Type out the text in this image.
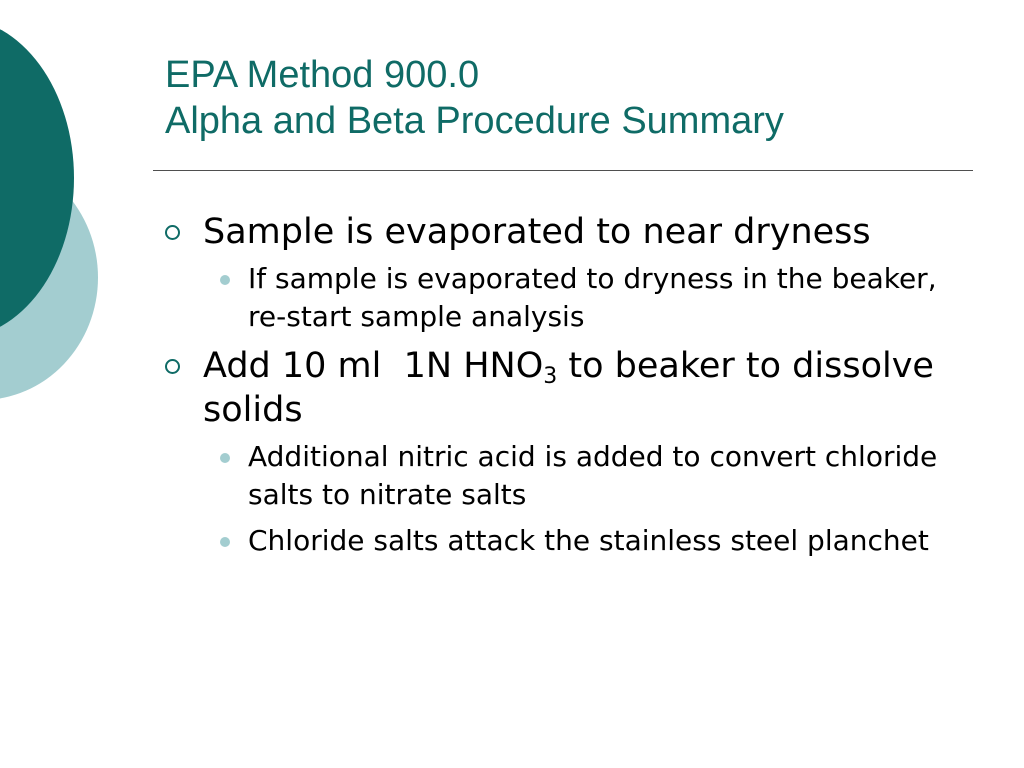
EPA Method 900.0
Alpha and Beta Procedure Summary
Sample is evaporated to near dryness
If sample is evaporated to dryness in the beaker, re-start sample analysis
Add 10 ml  1N $HNO_3$ to beaker to dissolve solids
Additional nitric acid is added to convert chloride salts to nitrate salts
Chloride salts attack the stainless steel planchet
